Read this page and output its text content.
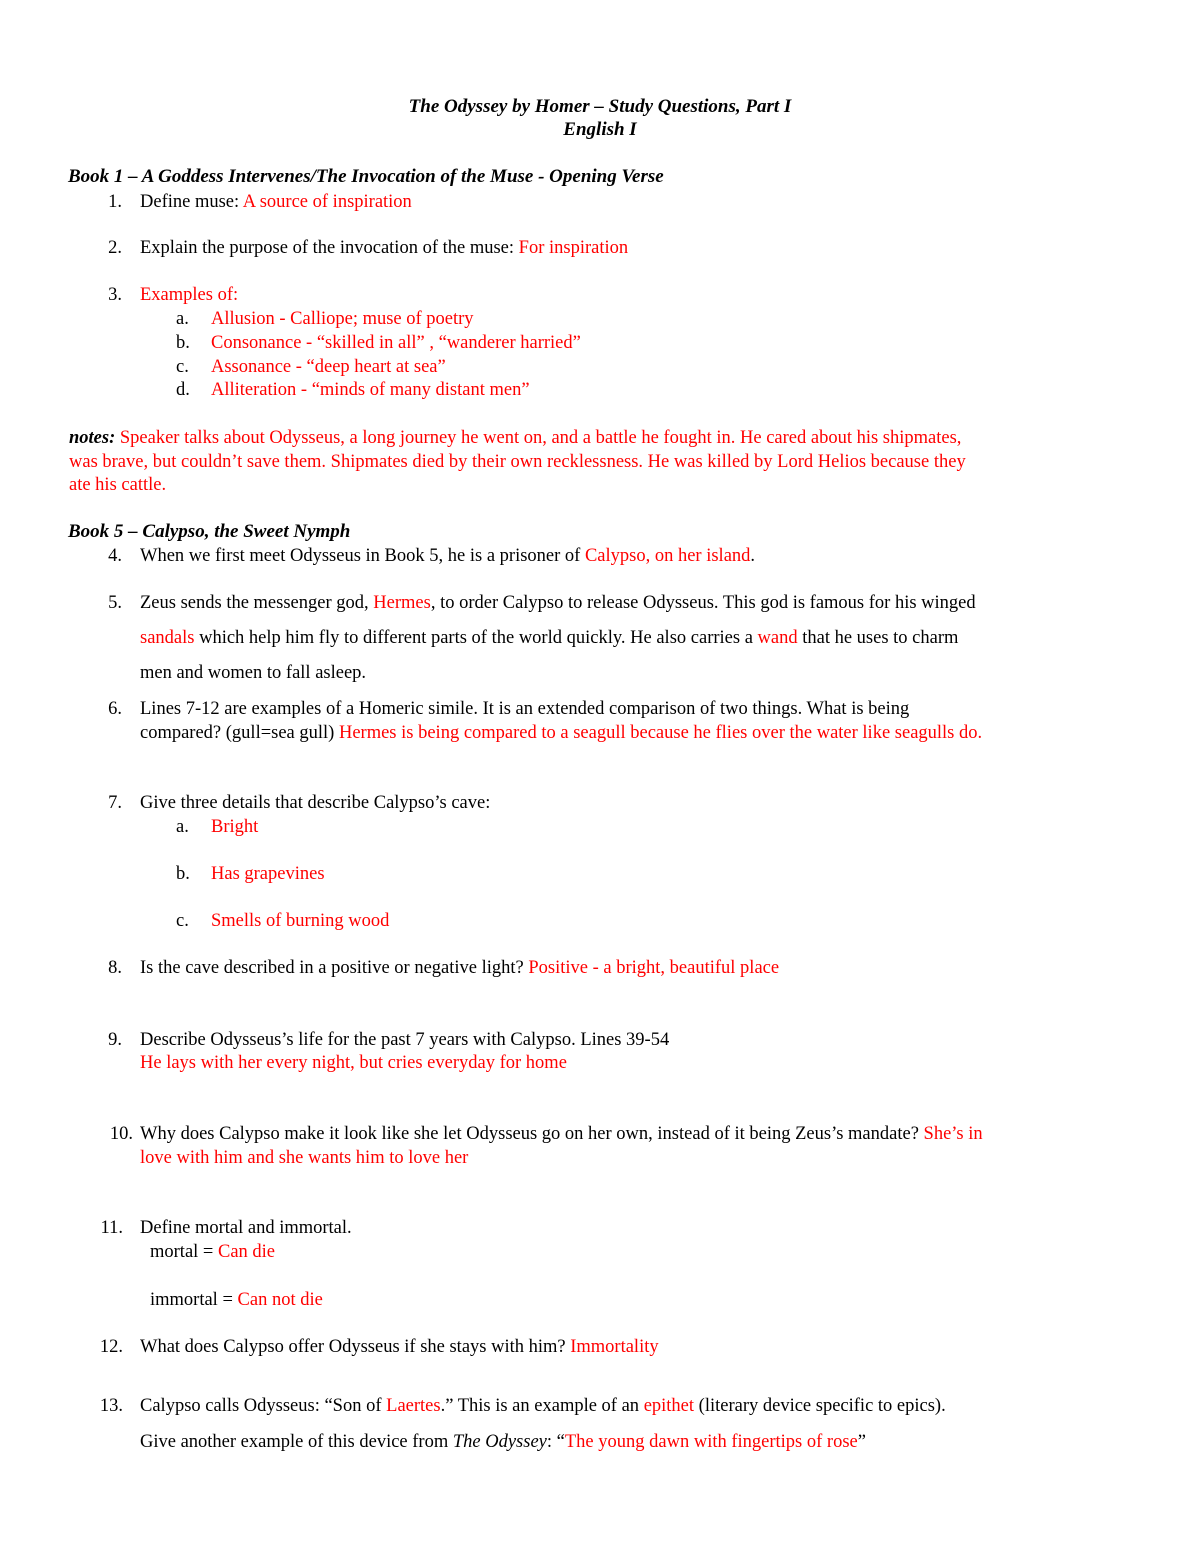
The Odyssey by Homer – Study Questions, Part I
English I
Book 1 – A Goddess Intervenes/The Invocation of the Muse - Opening Verse
1. Define muse: A source of inspiration
2. Explain the purpose of the invocation of the muse: For inspiration
3. Examples of:
a. Allusion - Calliope; muse of poetry
b. Consonance - “skilled in all” , “wanderer harried”
c. Assonance - “deep heart at sea”
d. Alliteration - “minds of many distant men”
notes: Speaker talks about Odysseus, a long journey he went on, and a battle he fought in. He cared about his shipmates,
was brave, but couldn’t save them. Shipmates died by their own recklessness. He was killed by Lord Helios because they
ate his cattle.
Book 5 – Calypso, the Sweet Nymph
4. When we first meet Odysseus in Book 5, he is a prisoner of Calypso, on her island.
5. Zeus sends the messenger god, Hermes, to order Calypso to release Odysseus. This god is famous for his winged
sandals which help him fly to different parts of the world quickly. He also carries a wand that he uses to charm
men and women to fall asleep.
6. Lines 7-12 are examples of a Homeric simile. It is an extended comparison of two things. What is being
compared? (gull=sea gull) Hermes is being compared to a seagull because he flies over the water like seagulls do.
7. Give three details that describe Calypso’s cave:
a. Bright
b. Has grapevines
c. Smells of burning wood
8. Is the cave described in a positive or negative light? Positive - a bright, beautiful place
9. Describe Odysseus’s life for the past 7 years with Calypso. Lines 39-54
He lays with her every night, but cries everyday for home
10. Why does Calypso make it look like she let Odysseus go on her own, instead of it being Zeus’s mandate? She’s in
love with him and she wants him to love her
11. Define mortal and immortal.
mortal = Can die
immortal = Can not die
12. What does Calypso offer Odysseus if she stays with him? Immortality
13. Calypso calls Odysseus: “Son of Laertes.” This is an example of an epithet (literary device specific to epics).
Give another example of this device from The Odyssey: “The young dawn with fingertips of rose”
